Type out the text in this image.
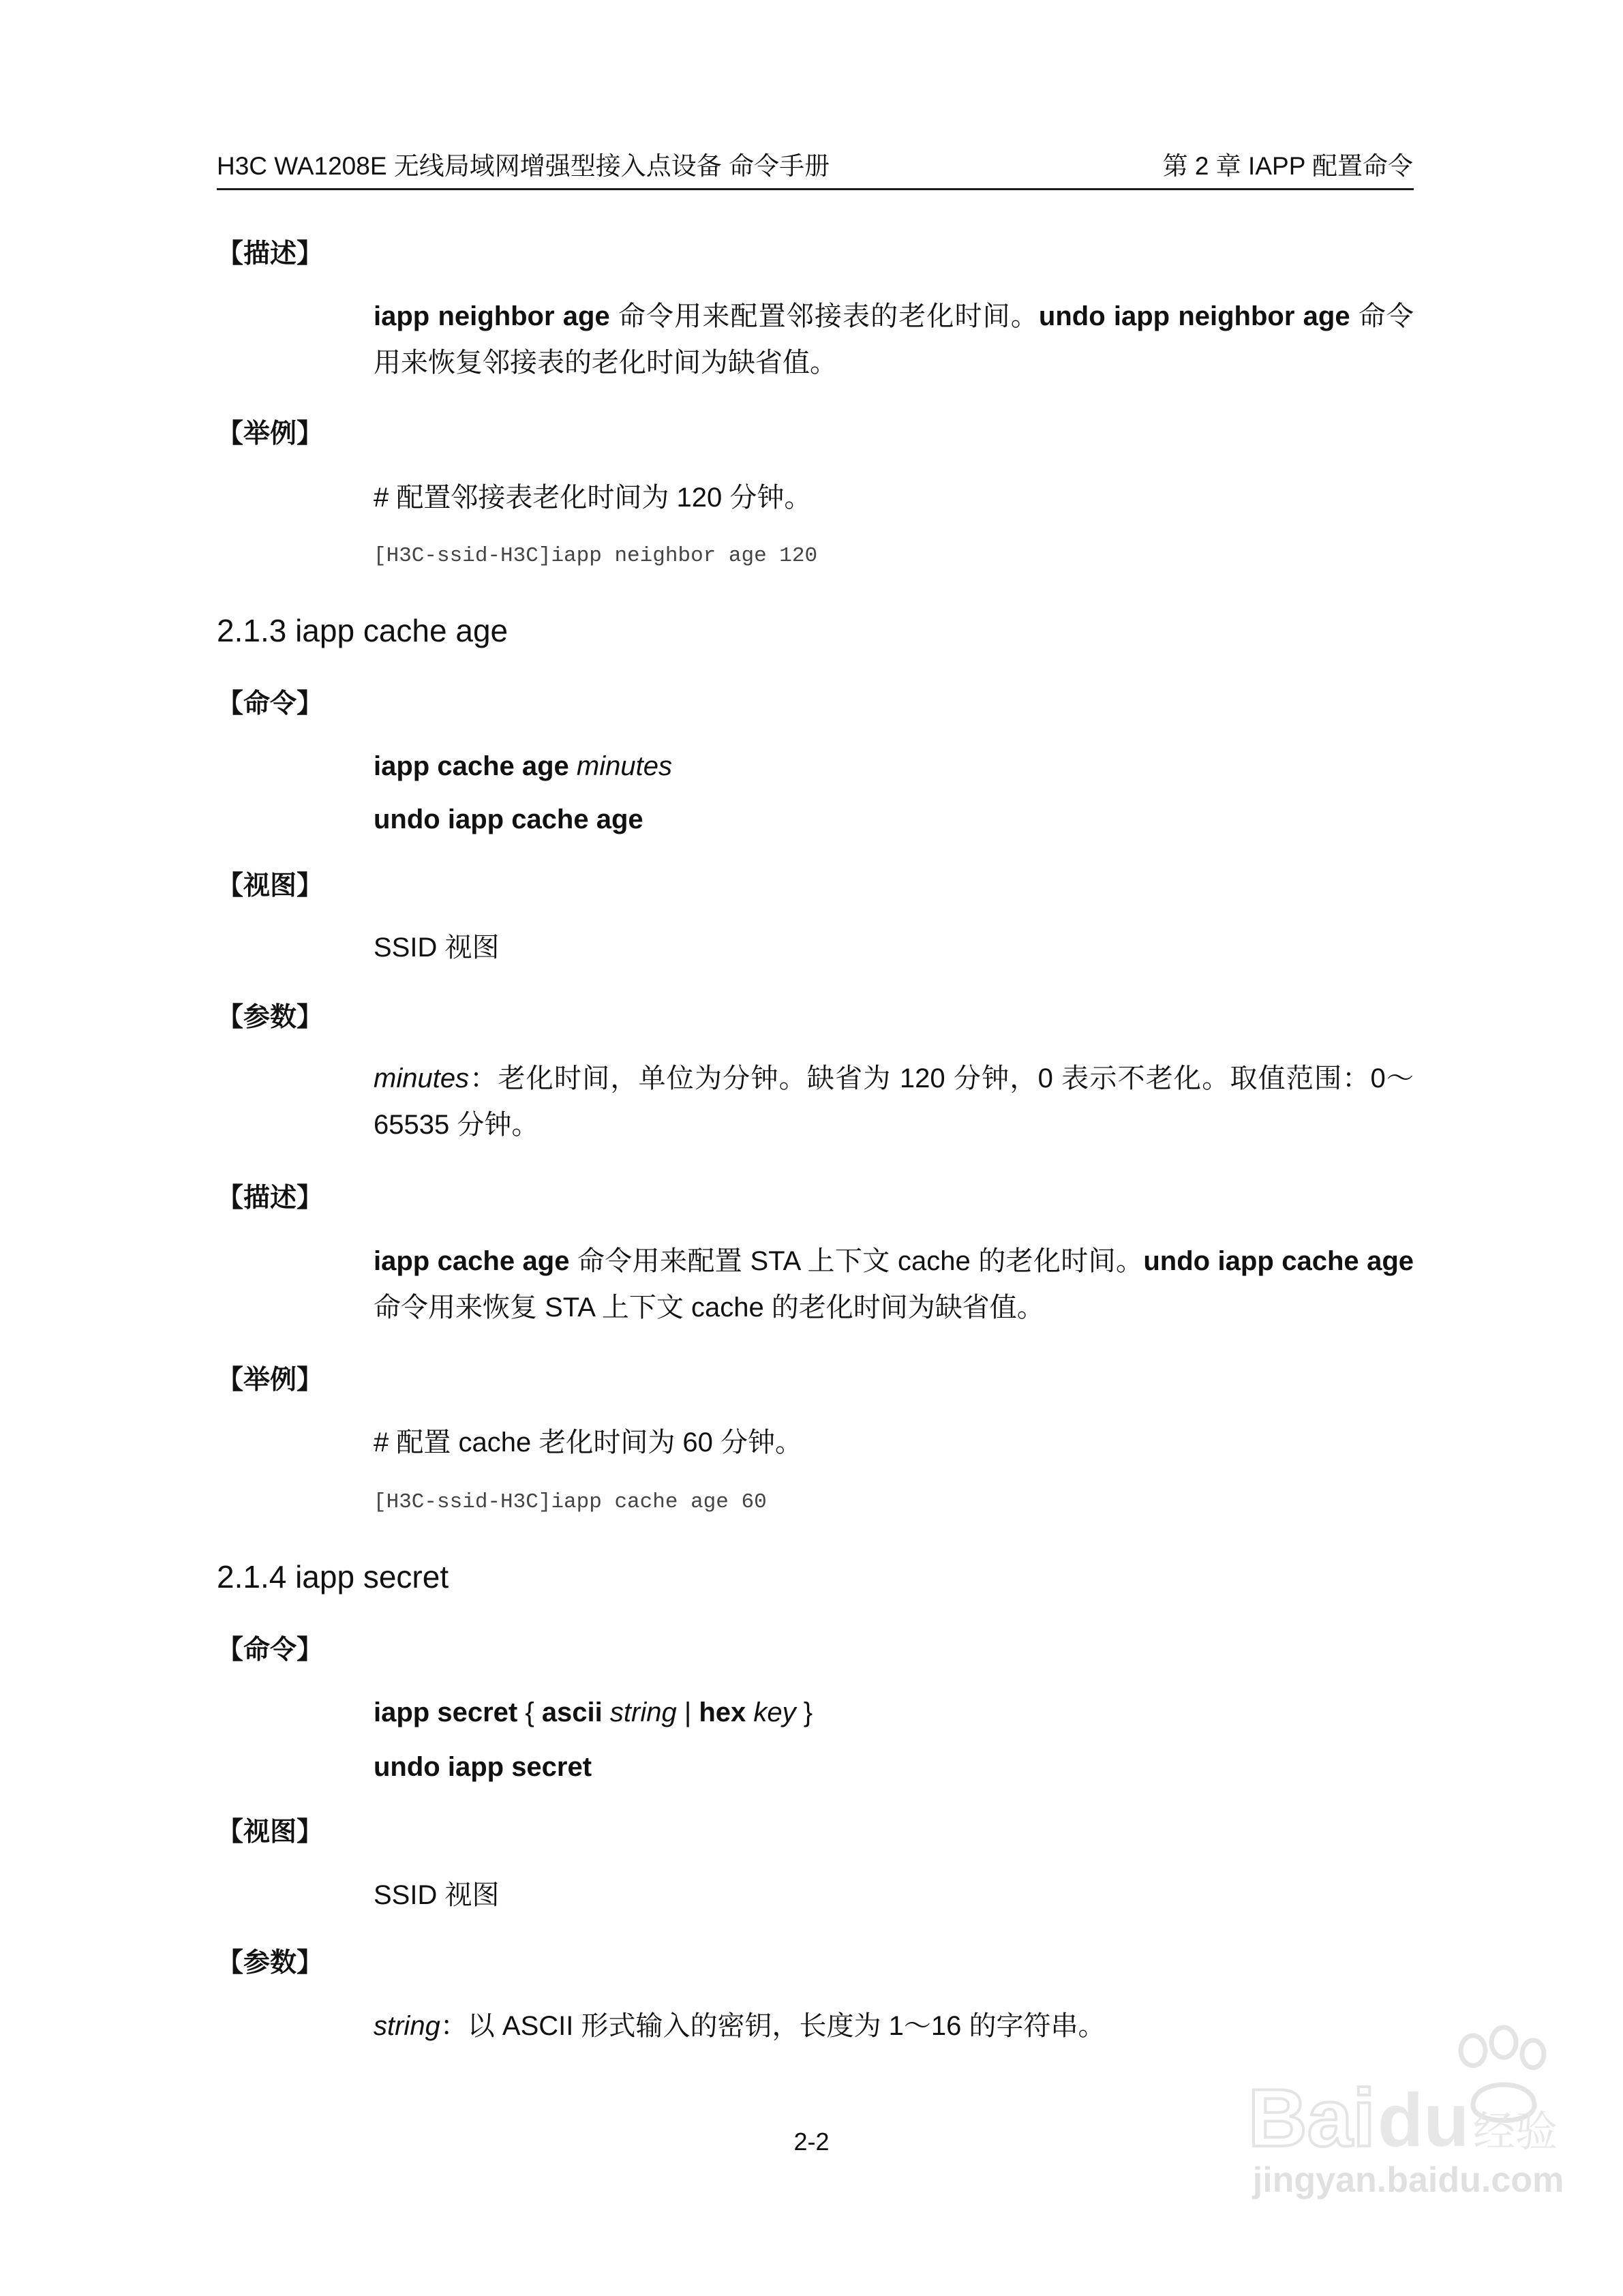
H3C WA1208E 无线局域网增强型接入点设备 命令手册	第 2 章 IAPP 配置命令
【描述】
iapp neighbor age 命令用来配置邻接表的老化时间。undo iapp neighbor age 命令用来恢复邻接表的老化时间为缺省值。
【举例】
# 配置邻接表老化时间为 120 分钟。
[H3C-ssid-H3C]iapp neighbor age 120
2.1.3 iapp cache age
【命令】
iapp cache age minutes
undo iapp cache age
【视图】
SSID 视图
【参数】
minutes：老化时间，单位为分钟。缺省为 120 分钟，0 表示不老化。取值范围：0～65535 分钟。
【描述】
iapp cache age 命令用来配置 STA 上下文 cache 的老化时间。undo iapp cache age 命令用来恢复 STA 上下文 cache 的老化时间为缺省值。
【举例】
# 配置 cache 老化时间为 60 分钟。
[H3C-ssid-H3C]iapp cache age 60
2.1.4 iapp secret
【命令】
iapp secret { ascii string | hex key }
undo iapp secret
【视图】
SSID 视图
【参数】
string：以 ASCII 形式输入的密钥，长度为 1～16 的字符串。
2-2	Bai du 经验
jingyan.baidu.com
